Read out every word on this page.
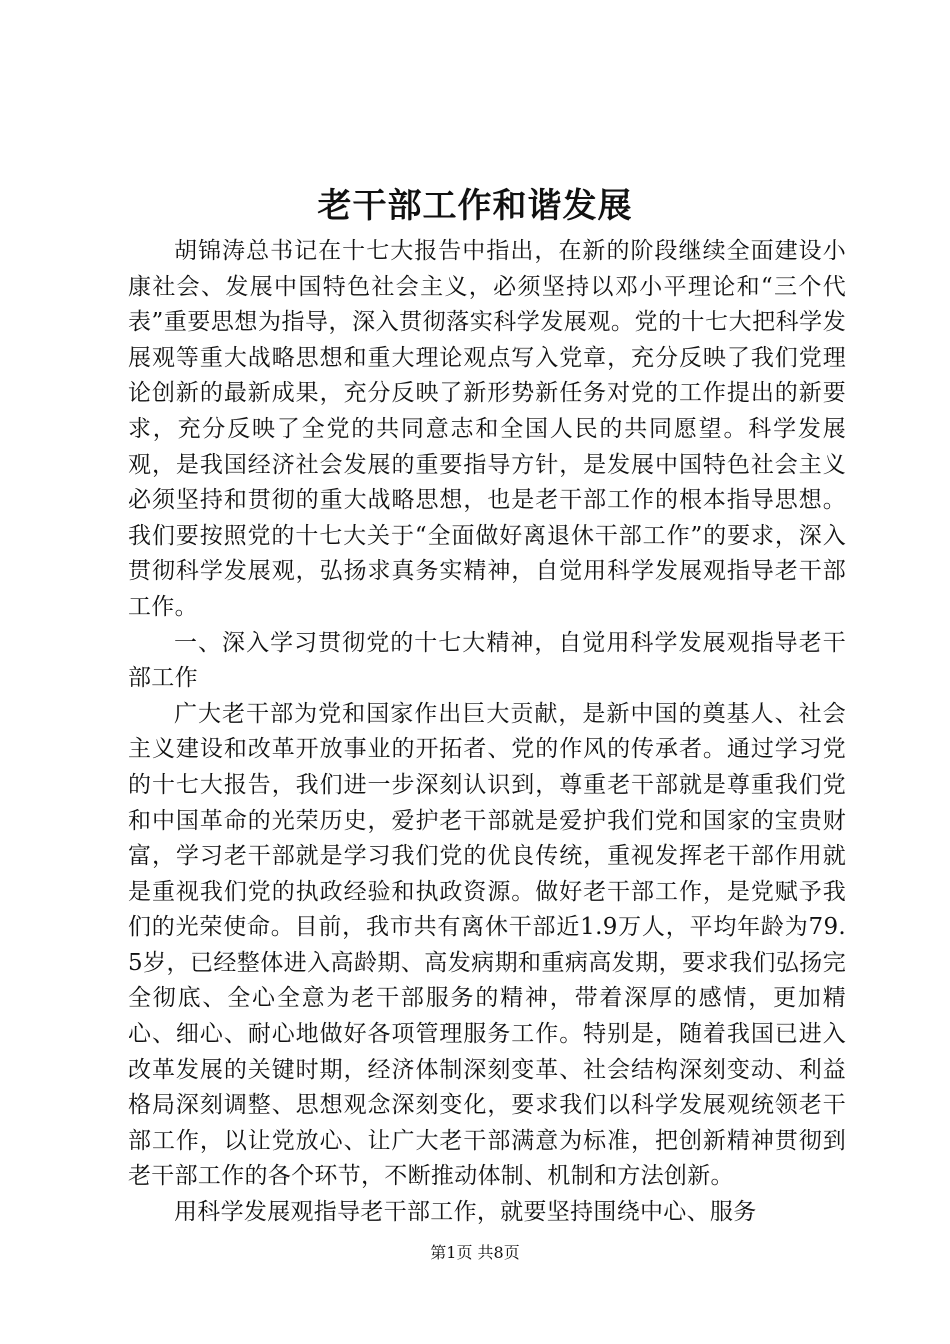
老干部工作和谐发展

胡锦涛总书记在十七大报告中指出，在新的阶段继续全面建设小康社会、发展中国特色社会主义，必须坚持以邓小平理论和“三个代表”重要思想为指导，深入贯彻落实科学发展观。党的十七大把科学发展观等重大战略思想和重大理论观点写入党章，充分反映了我们党理论创新的最新成果，充分反映了新形势新任务对党的工作提出的新要求，充分反映了全党的共同意志和全国人民的共同愿望。科学发展观，是我国经济社会发展的重要指导方针，是发展中国特色社会主义必须坚持和贯彻的重大战略思想，也是老干部工作的根本指导思想。我们要按照党的十七大关于“全面做好离退休干部工作”的要求，深入贯彻科学发展观，弘扬求真务实精神，自觉用科学发展观指导老干部工作。

一、深入学习贯彻党的十七大精神，自觉用科学发展观指导老干部工作

广大老干部为党和国家作出巨大贡献，是新中国的奠基人、社会主义建设和改革开放事业的开拓者、党的作风的传承者。通过学习党的十七大报告，我们进一步深刻认识到，尊重老干部就是尊重我们党和中国革命的光荣历史，爱护老干部就是爱护我们党和国家的宝贵财富，学习老干部就是学习我们党的优良传统，重视发挥老干部作用就是重视我们党的执政经验和执政资源。做好老干部工作，是党赋予我们的光荣使命。目前，我市共有离休干部近1.9万人，平均年龄为79.5岁，已经整体进入高龄期、高发病期和重病高发期，要求我们弘扬完全彻底、全心全意为老干部服务的精神，带着深厚的感情，更加精心、细心、耐心地做好各项管理服务工作。特别是，随着我国已进入改革发展的关键时期，经济体制深刻变革、社会结构深刻变动、利益格局深刻调整、思想观念深刻变化，要求我们以科学发展观统领老干部工作，以让党放心、让广大老干部满意为标准，把创新精神贯彻到老干部工作的各个环节，不断推动体制、机制和方法创新。

用科学发展观指导老干部工作，就要坚持围绕中心、服务

第1页 共8页
